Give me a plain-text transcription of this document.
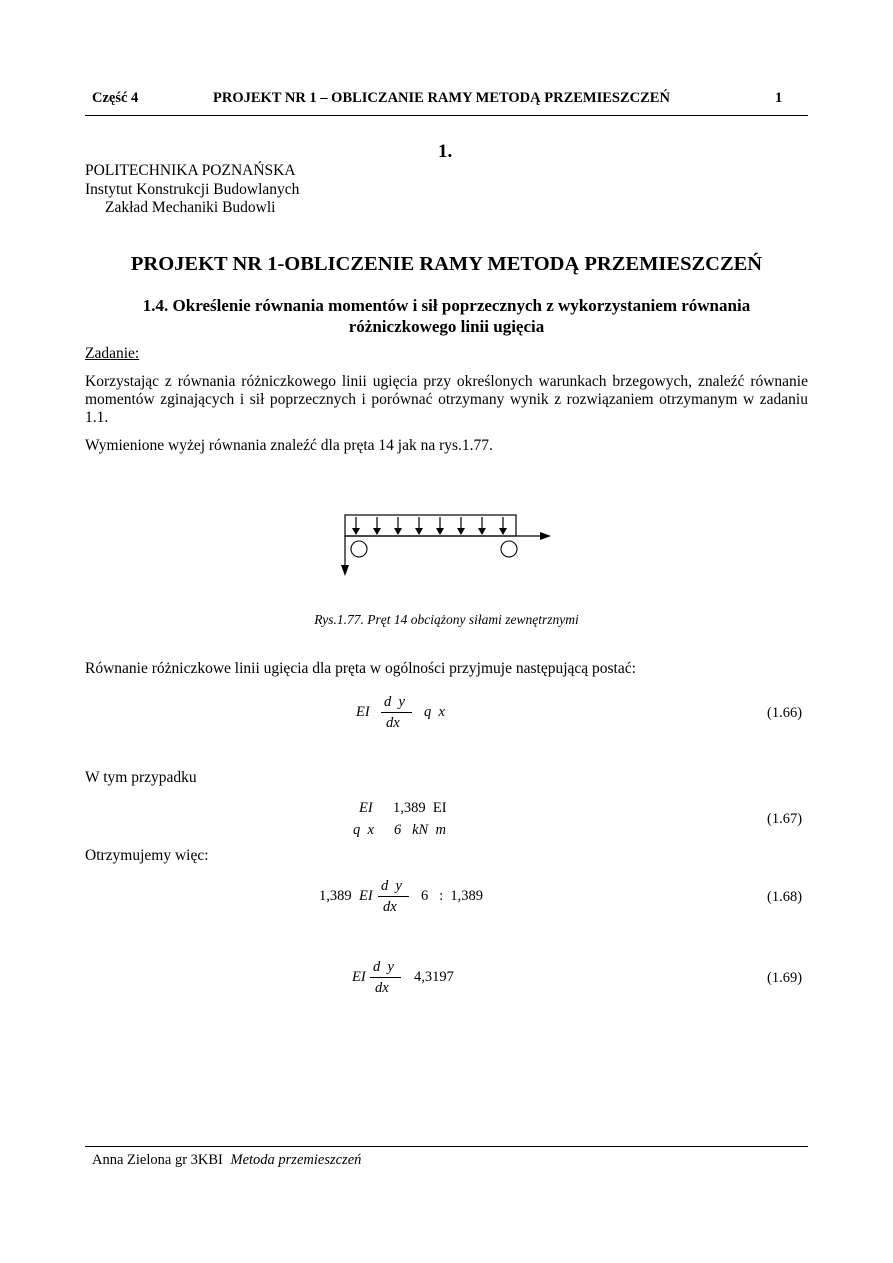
Część 4	PROJEKT NR 1 – OBLICZANIE RAMY METODĄ PRZEMIESZCZEŃ	1
1.
POLITECHNIKA POZNAŃSKA
Instytut Konstrukcji Budowlanych
Zakład Mechaniki Budowli
PROJEKT NR 1-OBLICZENIE RAMY METODĄ PRZEMIESZCZEŃ
1.4. Określenie równania momentów i sił poprzecznych z wykorzystaniem równania
różniczkowego linii ugięcia
Zadanie:
Korzystając z równania różniczkowego linii ugięcia przy określonych warunkach brzegowych, znaleźć równanie momentów zginających i sił poprzecznych i porównać otrzymany wynik z rozwiązaniem otrzymanym w zadaniu 1.1.
Wymienione wyżej równania znaleźć dla pręta 14 jak na rys.1.77.
Rys.1.77. Pręt 14 obciążony siłami zewnętrznymi
Równanie różniczkowe linii ugięcia dla pręta w ogólności przyjmuje następującą postać:
EI
d  y
dx
q  x	(1.66)
W tym przypadku
EI 1,389  EI
q  x 6   kN  m
(1.67)
Otrzymujemy więc:
1,389 EI
d  y
dx
6   :  1,389	(1.68)
EI
d  y
dx
4,3197	(1.69)
Anna Zielona gr 3KBI Metoda przemieszczeń
